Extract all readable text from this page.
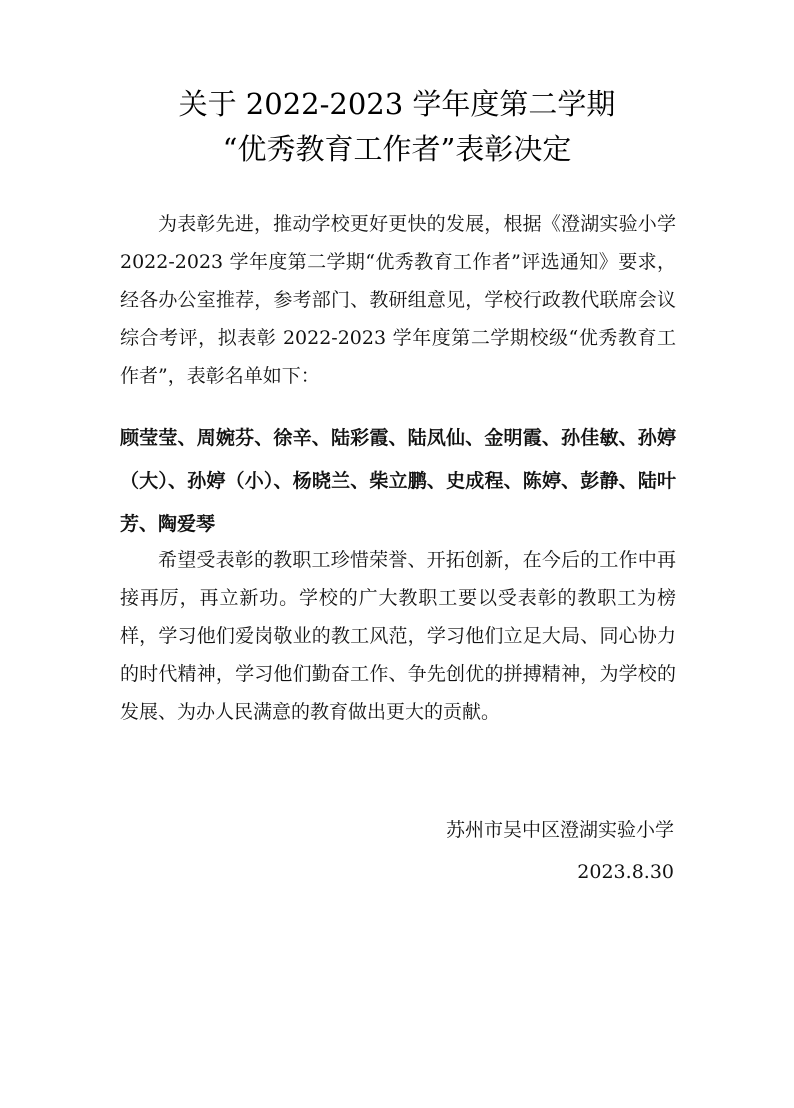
关于 2022-2023 学年度第二学期
“优秀教育工作者”表彰决定
为表彰先进，推动学校更好更快的发展，根据《澄湖实验小学 2022-2023 学年度第二学期“优秀教育工作者”评选通知》要求，经各办公室推荐，参考部门、教研组意见，学校行政教代联席会议综合考评，拟表彰 2022-2023 学年度第二学期校级“优秀教育工作者”，表彰名单如下：
顾莹莹、周婉芬、徐辛、陆彩霞、陆凤仙、金明霞、孙佳敏、孙婷（大）、孙婷（小）、杨晓兰、柴立鹏、史成程、陈婷、彭静、陆叶芳、陶爱琴
希望受表彰的教职工珍惜荣誉、开拓创新，在今后的工作中再接再厉，再立新功。学校的广大教职工要以受表彰的教职工为榜样，学习他们爱岗敬业的教工风范，学习他们立足大局、同心协力的时代精神，学习他们勤奋工作、争先创优的拼搏精神，为学校的发展、为办人民满意的教育做出更大的贡献。
苏州市吴中区澄湖实验小学
2023.8.30
